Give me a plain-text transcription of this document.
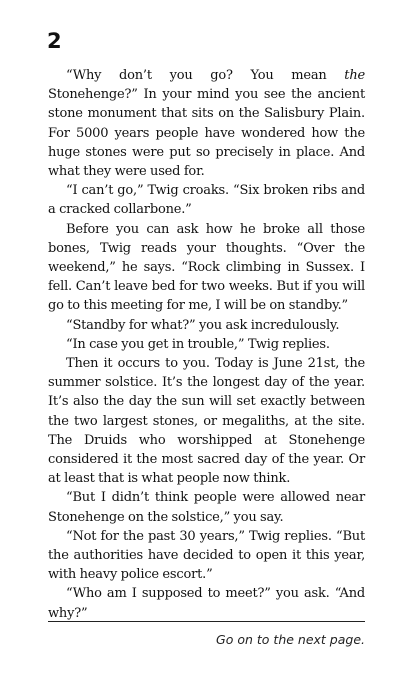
2

“Why don’t you go? You mean the Stonehenge?” In your mind you see the ancient stone monument that sits on the Salisbury Plain. For 5000 years people have wondered how the huge stones were put so precisely in place. And what they were used for.

“I can’t go,” Twig croaks. “Six broken ribs and a cracked collarbone.”

Before you can ask how he broke all those bones, Twig reads your thoughts. “Over the weekend,” he says. “Rock climbing in Sussex. I fell. Can’t leave bed for two weeks. But if you will go to this meeting for me, I will be on standby.”

“Standby for what?” you ask incredulously.

“In case you get in trouble,” Twig replies.

Then it occurs to you. Today is June 21st, the summer solstice. It’s the longest day of the year. It’s also the day the sun will set exactly between the two largest stones, or megaliths, at the site. The Druids who worshipped at Stonehenge considered it the most sacred day of the year. Or at least that is what people now think.

“But I didn’t think people were allowed near Stonehenge on the solstice,” you say.

“Not for the past 30 years,” Twig replies. “But the authorities have decided to open it this year, with heavy police escort.”

“Who am I supposed to meet?” you ask. “And why?”

Go on to the next page.
